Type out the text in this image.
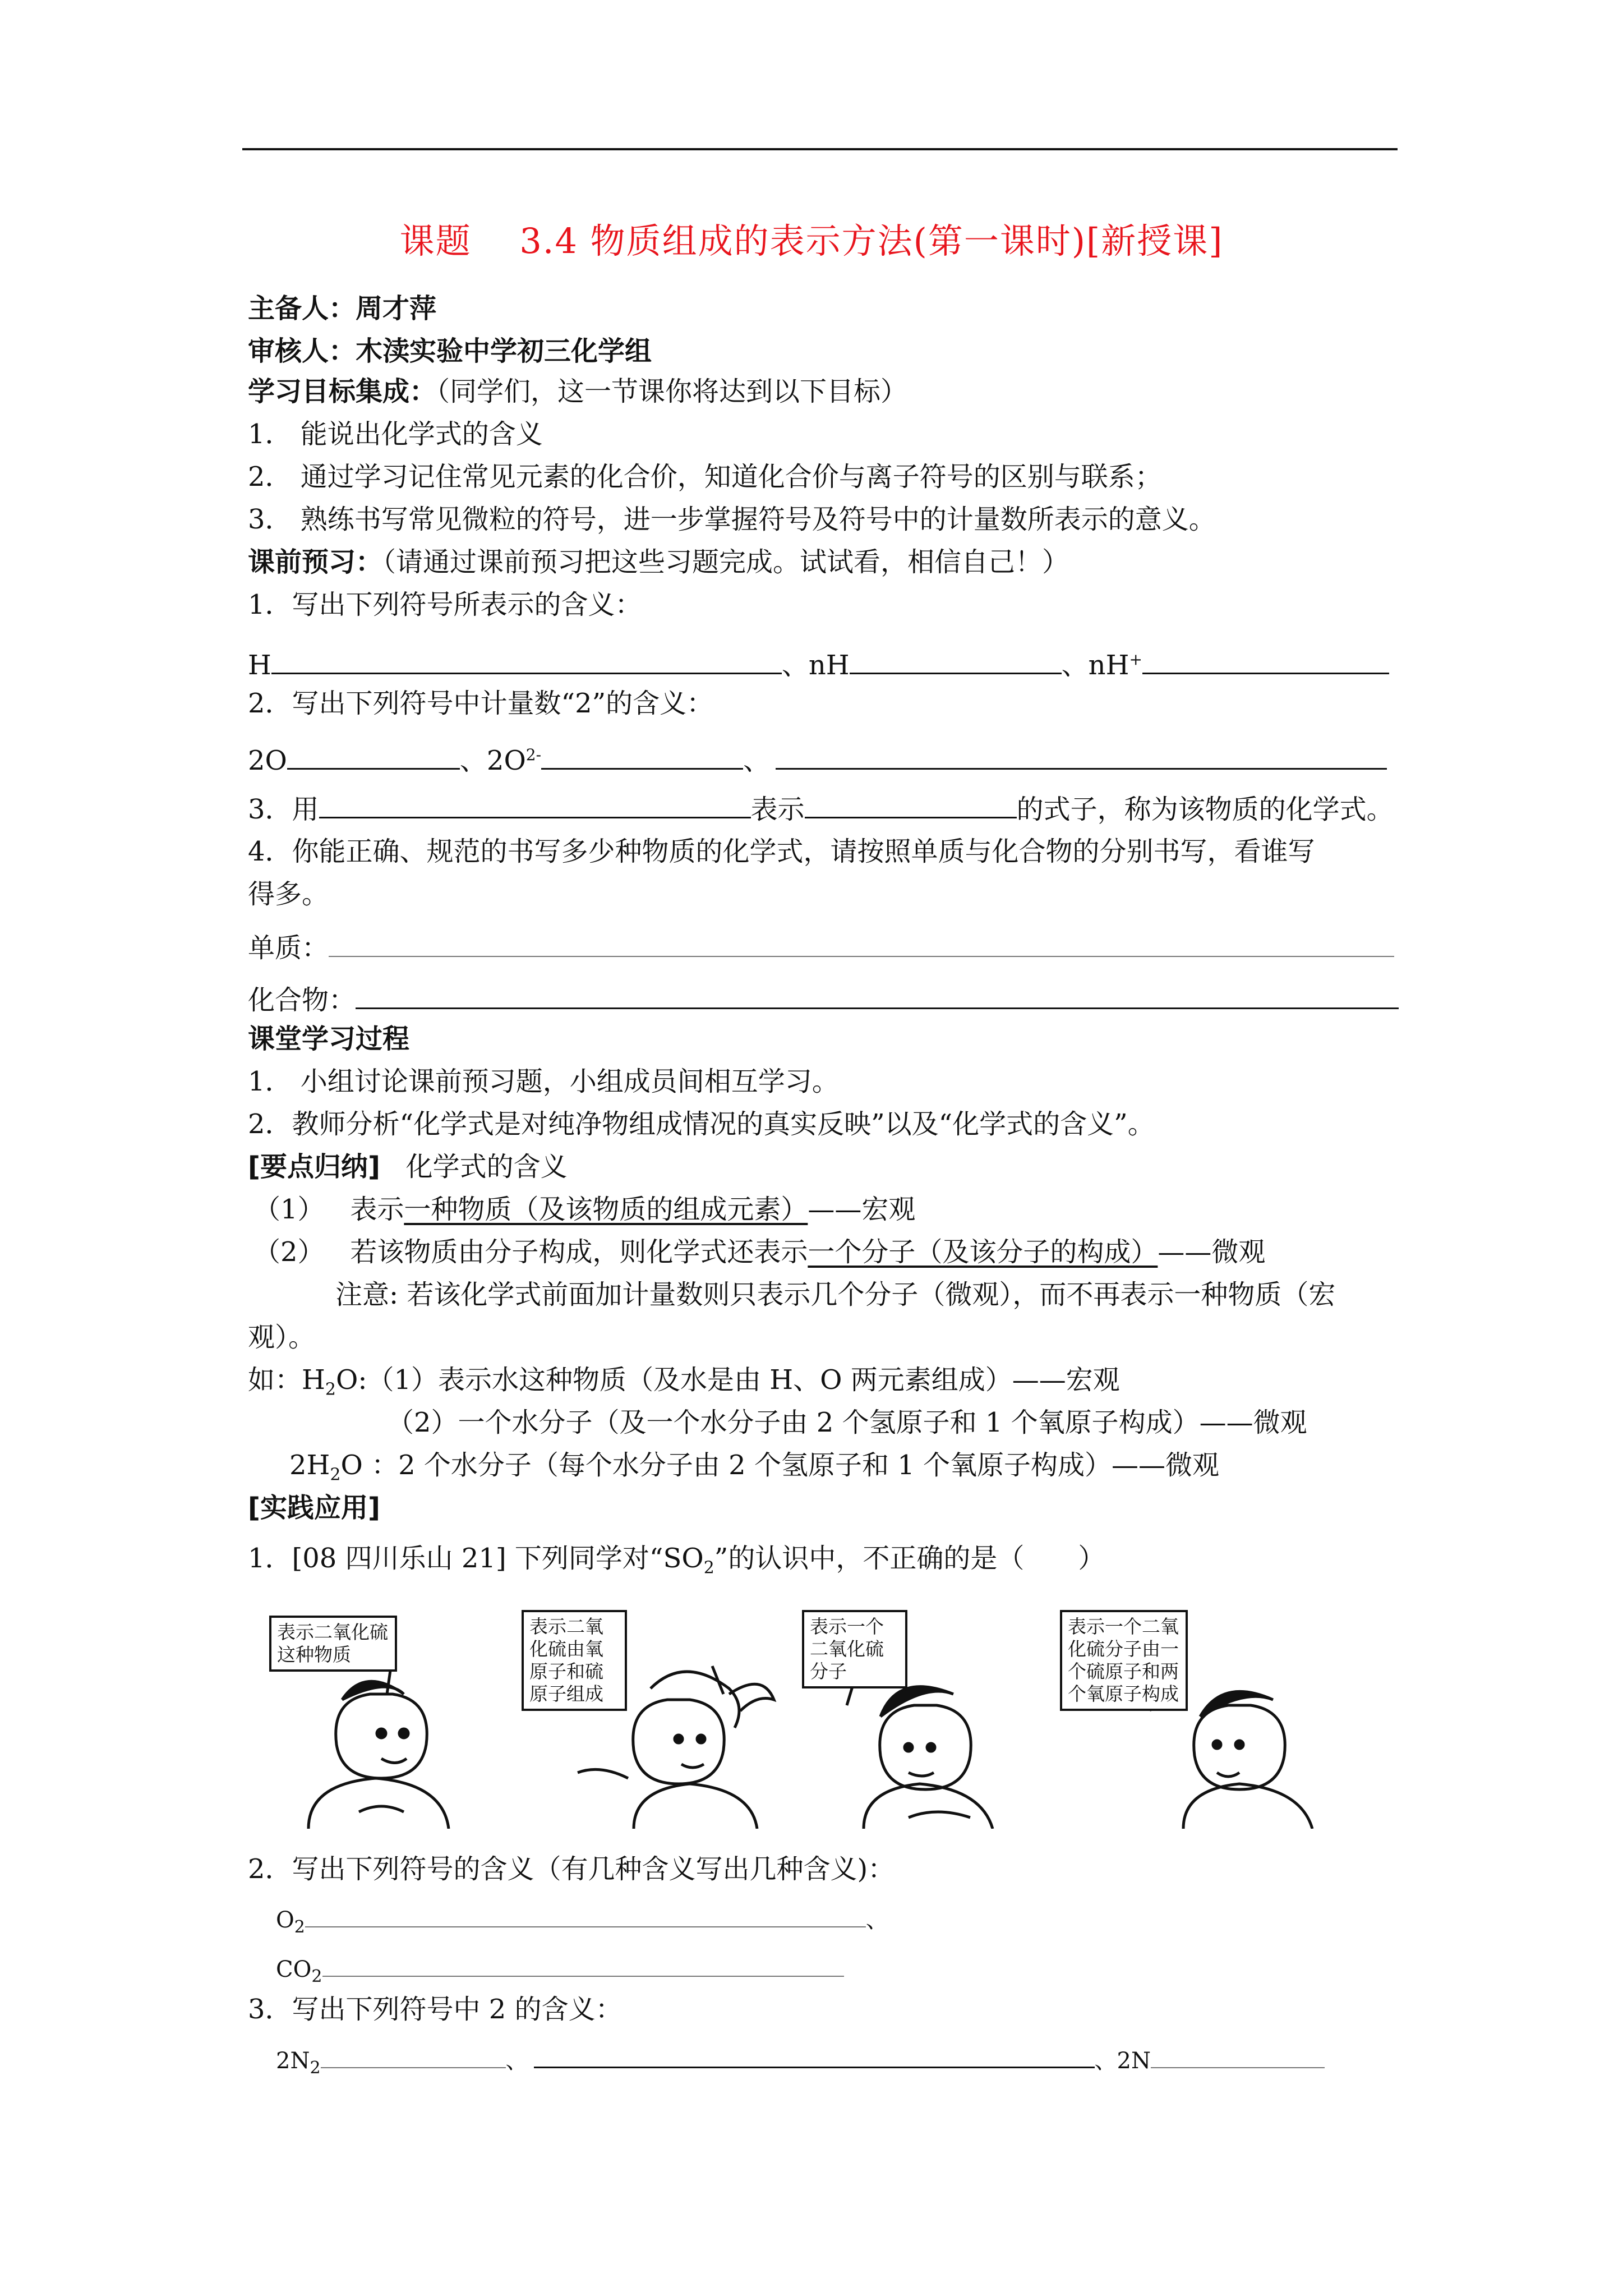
课题　 3.4 物质组成的表示方法(第一课时)[新授课]
主备人：周才萍
审核人：木渎实验中学初三化学组
学习目标集成：（同学们，这一节课你将达到以下目标）
1． 能说出化学式的含义
2． 通过学习记住常见元素的化合价，知道化合价与离子符号的区别与联系；
3． 熟练书写常见微粒的符号，进一步掌握符号及符号中的计量数所表示的意义。
课前预习：（请通过课前预习把这些习题完成。试试看，相信自己！）
1．写出下列符号所表示的含义：
H	、nH	、nH+
2．写出下列符号中计量数“2”的含义：
2O	、$2O^{2-}$	、
3．用	表示	的式子，称为该物质的化学式。
4．你能正确、规范的书写多少种物质的化学式，请按照单质与化合物的分别书写，看谁写
得多。
单质：
化合物：
课堂学习过程
1． 小组讨论课前预习题，小组成员间相互学习。
2．教师分析“化学式是对纯净物组成情况的真实反映”以及“化学式的含义”。
[要点归纳] 化学式的含义
（1） 表示一种物质（及该物质的组成元素）——宏观
（2） 若该物质由分子构成，则化学式还表示一个分子（及该分子的构成）——微观
注意: 若该化学式前面加计量数则只表示几个分子（微观），而不再表示一种物质（宏
观）。
如：$H_2O:(1)$表示水这种物质（及水是由 H、O 两元素组成）——宏观
（2）一个水分子（及一个水分子由 2 个氢原子和 1 个氧原子构成）——微观
$2H_2O$ ：2 个水分子（每个水分子由 2 个氢原子和 1 个氧原子构成）——微观
[实践应用]
1．[08 四川乐山 21] 下列同学对“$SO_2$”的认识中，不正确的是（　　）
表示二氧化硫这种物质
表示二氧化硫由氧原子和硫原子组成
表示一个二氧化硫分子
表示一个二氧化硫分子由一个硫原子和两个氧原子构成
2．写出下列符号的含义（有几种含义写出几种含义)：
$O_2$	、
$CO_2$
3．写出下列符号中 2 的含义：
$2N_2$	、	、2N
